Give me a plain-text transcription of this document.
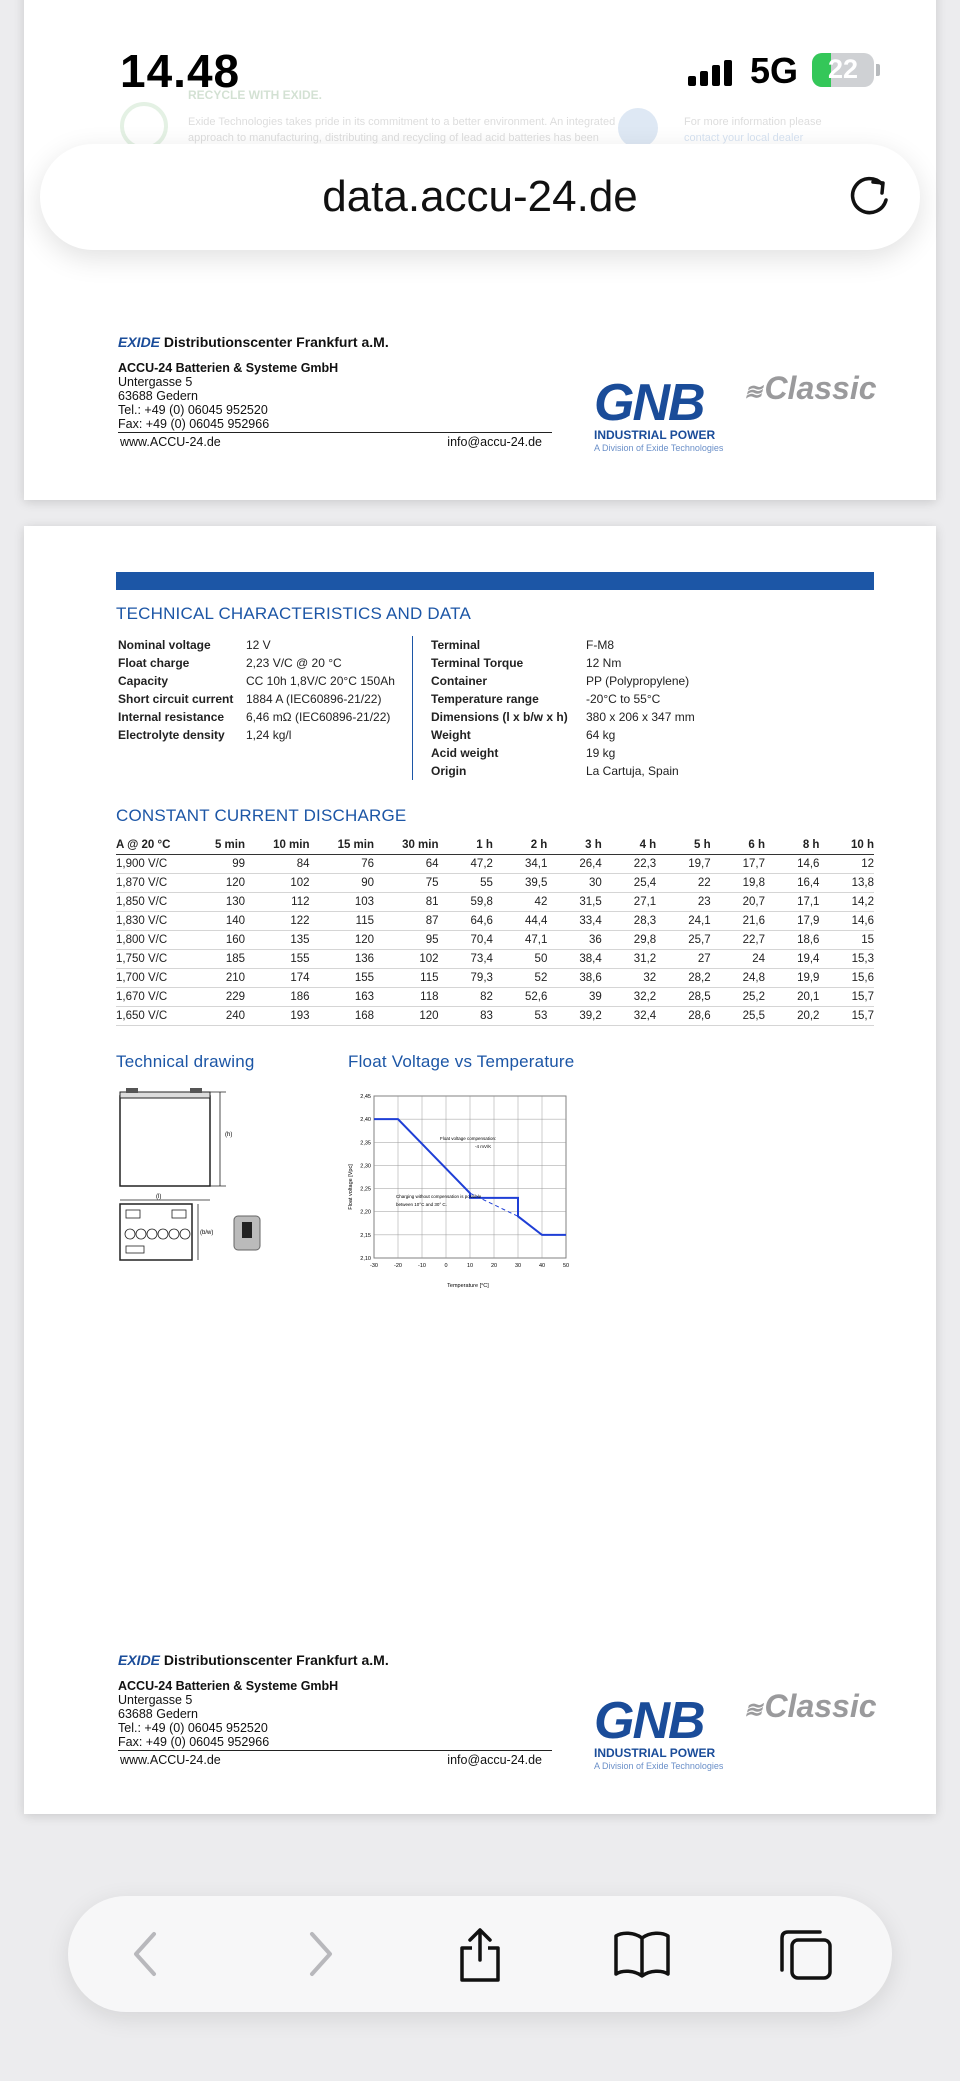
14.48	5G	22
RECYCLE WITH EXIDE.
Exide Technologies takes pride in its commitment to a better environment. An integrated
approach to manufacturing, distributing and recycling of lead acid batteries has been
For more information please
contact your local dealer
EXIDE Distributionscenter Frankfurt a.M.
ACCU-24 Batterien & Systeme GmbH
Untergasse 5
63688 Gedern
Tel.: +49 (0) 06045 952520
Fax: +49 (0) 06045 952966
www.ACCU-24.de	info@accu-24.de
GNB
INDUSTRIAL POWER
A Division of Exide Technologies
≋Classic
data.accu-24.de
TECHNICAL CHARACTERISTICS AND DATA
Nominal voltage	12 V
Float charge	2,23 V/C @ 20 °C
Capacity	CC 10h 1,8V/C 20°C 150Ah
Short circuit current 1884 A (IEC60896-21/22)
Internal resistance 6,46 mΩ (IEC60896-21/22)
Electrolyte density 1,24 kg/l
Terminal	F-M8
Terminal Torque	12 Nm
Container	PP (Polypropylene)
Temperature range	-20°C to 55°C
Dimensions (l x b/w x h) 380 x 206 x 347 mm
Weight	64 kg
Acid weight	19 kg
Origin	La Cartuja, Spain
CONSTANT CURRENT DISCHARGE
A @ 20 °C	5 min	10 min	15 min	30 min	1 h	2 h	3 h	4 h	5 h	6 h	8 h	10 h
1,900 V/C	99	84	76	64	47,2	34,1	26,4	22,3	19,7	17,7	14,6	12
1,870 V/C	120	102	90	75	55	39,5	30	25,4	22	19,8	16,4	13,8
1,850 V/C	130	112	103	81	59,8	42	31,5	27,1	23	20,7	17,1	14,2
1,830 V/C	140	122	115	87	64,6	44,4	33,4	28,3	24,1	21,6	17,9	14,6
1,800 V/C	160	135	120	95	70,4	47,1	36	29,8	25,7	22,7	18,6	15
1,750 V/C	185	155	136	102	73,4	50	38,4	31,2	27	24	19,4	15,3
1,700 V/C	210	174	155	115	79,3	52	38,6	32	28,2	24,8	19,9	15,6
1,670 V/C	229	186	163	118	82	52,6	39	32,2	28,5	25,2	20,1	15,7
1,650 V/C	240	193	168	120	83	53	39,2	32,4	28,6	25,5	20,2	15,7
Technical drawing	Float Voltage vs Temperature
(h)
(l)
(b/w)
2,45
2,40
2,35
2,30
2,25
2,20
2,15
2,10
-30	-20	-10	0	10	20	30	40	50
Float voltage compensation:
-4 mV/K
Charging without compensation is possible
between 10°C and 30° C.
Float voltage [Vpc]
Temperature [°C]
EXIDE Distributionscenter Frankfurt a.M.
ACCU-24 Batterien & Systeme GmbH
Untergasse 5
63688 Gedern
Tel.: +49 (0) 06045 952520
Fax: +49 (0) 06045 952966
www.ACCU-24.de	info@accu-24.de
GNB
INDUSTRIAL POWER
A Division of Exide Technologies
≋Classic
